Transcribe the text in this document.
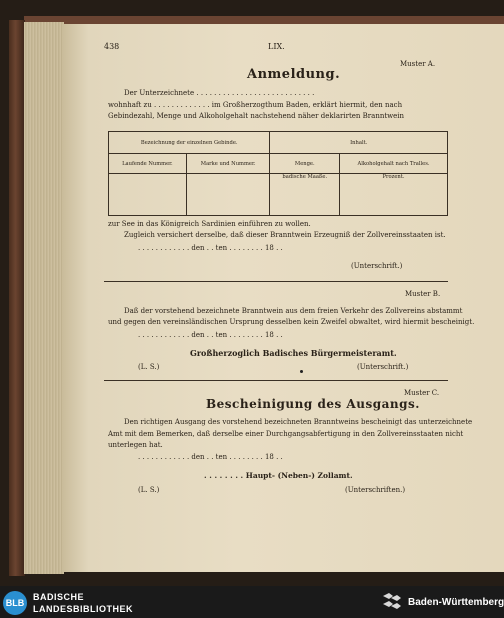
438	LIX.
Muster A.
Anmeldung.
Der Unterzeichnete . . . . . . . . . . . . . . . . . . . . . . . . . . .
wohnhaft zu . . . . . . . . . . . . . im Großherzogthum Baden, erklärt hiermit, den nach
Gebindezahl, Menge und Alkoholgehalt nachstehend näher deklarirten Branntwein
Bezeichnung der einzelnen Gebinde.		Inhalt.	
Laufende Nummer.	Marke und Nummer.	Menge.	Alkoholgehalt nach Tralles.
		badische Maaße.	Prozent.
zur See in das Königreich Sardinien einführen zu wollen.
Zugleich versichert derselbe, daß dieser Branntwein Erzeugniß der Zollvereinsstaaten ist.
. . . . . . . . . . . . den . . ten . . . . . . . . 18 . .
(Unterschrift.)
Muster B.
Daß der vorstehend bezeichnete Branntwein aus dem freien Verkehr des Zollvereins abstammt
und gegen den vereinsländischen Ursprung desselben kein Zweifel obwaltet, wird hiermit bescheinigt.
. . . . . . . . . . . . den . . ten . . . . . . . . 18 . .
Großherzoglich Badisches Bürgermeisteramt.
(L. S.)	(Unterschrift.)
Muster C.
Bescheinigung des Ausgangs.
Den richtigen Ausgang des vorstehend bezeichneten Branntweins bescheinigt das unterzeichnete
Amt mit dem Bemerken, daß derselbe einer Durchgangsabfertigung in den Zollvereinsstaaten nicht
unterlegen hat.
. . . . . . . . . . . . den . . ten . . . . . . . . 18 . .
. . . . . . . . Haupt- (Neben-) Zollamt.
(L. S.)	(Unterschriften.)
BLB
BADISCHE
LANDESBIBLIOTHEK
Baden-Württemberg
